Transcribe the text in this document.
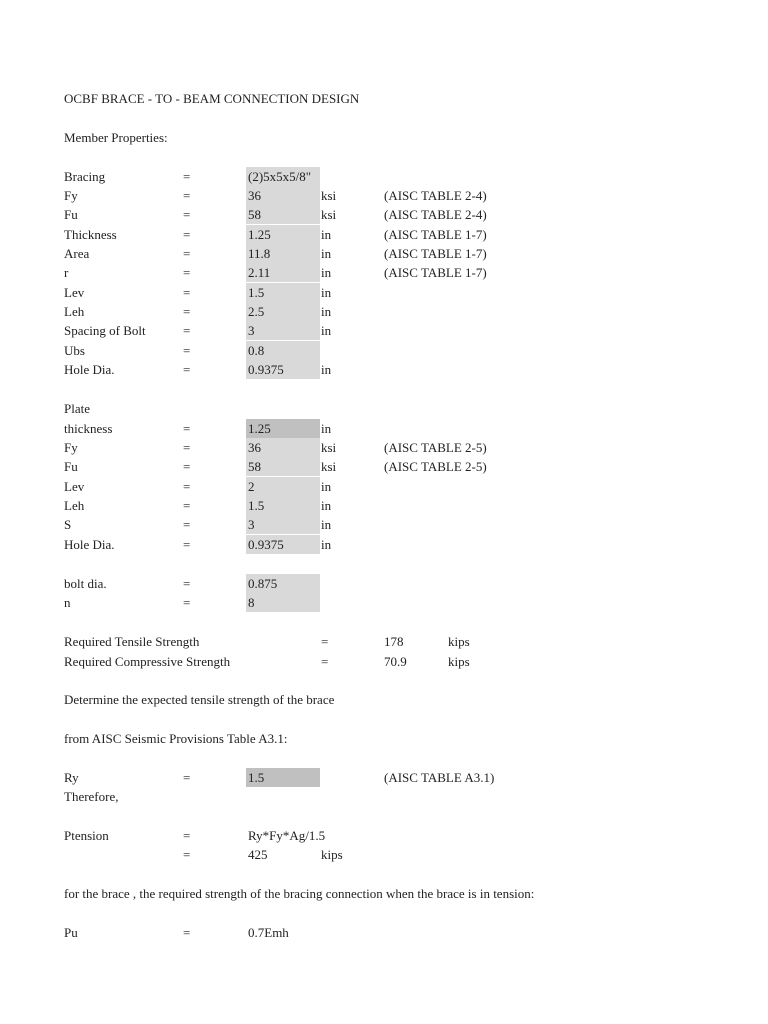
OCBF BRACE - TO - BEAM CONNECTION DESIGN
Member Properties:
Bracing	=	(2)5x5x5/8"
Fy	=	36	ksi	(AISC TABLE 2-4)
Fu	=	58	ksi	(AISC TABLE 2-4)
Thickness	=	1.25	in	(AISC TABLE 1-7)
Area	=	11.8	in	(AISC TABLE 1-7)
r	=	2.11	in	(AISC TABLE 1-7)
Lev	=	1.5	in
Leh	=	2.5	in
Spacing of Bolt	=	3	in
Ubs	=	0.8
Hole Dia.	=	0.9375	in
Plate
thickness	=	1.25	in
Fy	=	36	ksi	(AISC TABLE 2-5)
Fu	=	58	ksi	(AISC TABLE 2-5)
Lev	=	2	in
Leh	=	1.5	in
S	=	3	in
Hole Dia.	=	0.9375	in
bolt dia.	=	0.875
n	=	8
Required Tensile Strength	=	178	kips
Required Compressive Strength	=	70.9	kips
Determine the expected tensile strength of the brace
from AISC Seismic Provisions Table A3.1:
Ry	=	1.5	(AISC TABLE A3.1)
Therefore,
Ptension	=	Ry*Fy*Ag/1.5
=	425	kips
for the brace , the required strength of the bracing connection when the brace is in tension:
Pu	=	0.7Emh
